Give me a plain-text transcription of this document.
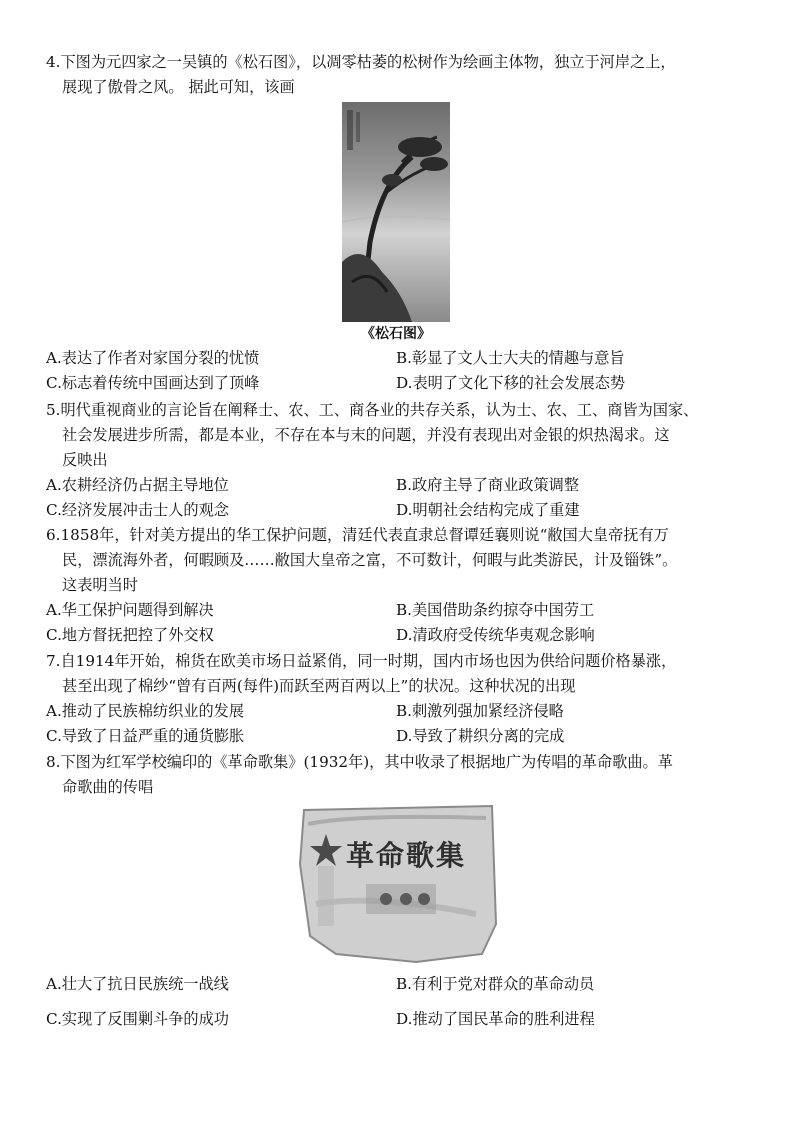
4.下图为元四家之一吴镇的《松石图》，以凋零枯萎的松树作为绘画主体物，独立于河岸之上，
展现了傲骨之风。 据此可知，该画
《松石图》
A.表达了作者对家国分裂的忧愤	B.彰显了文人士大夫的情趣与意旨
C.标志着传统中国画达到了顶峰	D.表明了文化下移的社会发展态势
5.明代重视商业的言论旨在阐释士、农、工、商各业的共存关系，认为士、农、工、商皆为国家、
社会发展进步所需，都是本业，不存在本与末的问题，并没有表现出对金银的炽热渴求。这
反映出
A.农耕经济仍占据主导地位	B.政府主导了商业政策调整
C.经济发展冲击士人的观念	D.明朝社会结构完成了重建
6.1858年，针对美方提出的华工保护问题，清廷代表直隶总督谭廷襄则说“敝国大皇帝抚有万
民，漂流海外者，何暇顾及……敝国大皇帝之富，不可数计，何暇与此类游民，计及锱铢”。
这表明当时
A.华工保护问题得到解决	B.美国借助条约掠夺中国劳工
C.地方督抚把控了外交权	D.清政府受传统华夷观念影响
7.自1914年开始，棉货在欧美市场日益紧俏，同一时期，国内市场也因为供给问题价格暴涨，
甚至出现了棉纱“曾有百两(每件)而跃至两百两以上”的状况。这种状况的出现
A.推动了民族棉纺织业的发展	B.刺激列强加紧经济侵略
C.导致了日益严重的通货膨胀	D.导致了耕织分离的完成
8.下图为红军学校编印的《革命歌集》(1932年)，其中收录了根据地广为传唱的革命歌曲。革
命歌曲的传唱
革命歌集
A.壮大了抗日民族统一战线	B.有利于党对群众的革命动员
C.实现了反围剿斗争的成功	D.推动了国民革命的胜利进程
